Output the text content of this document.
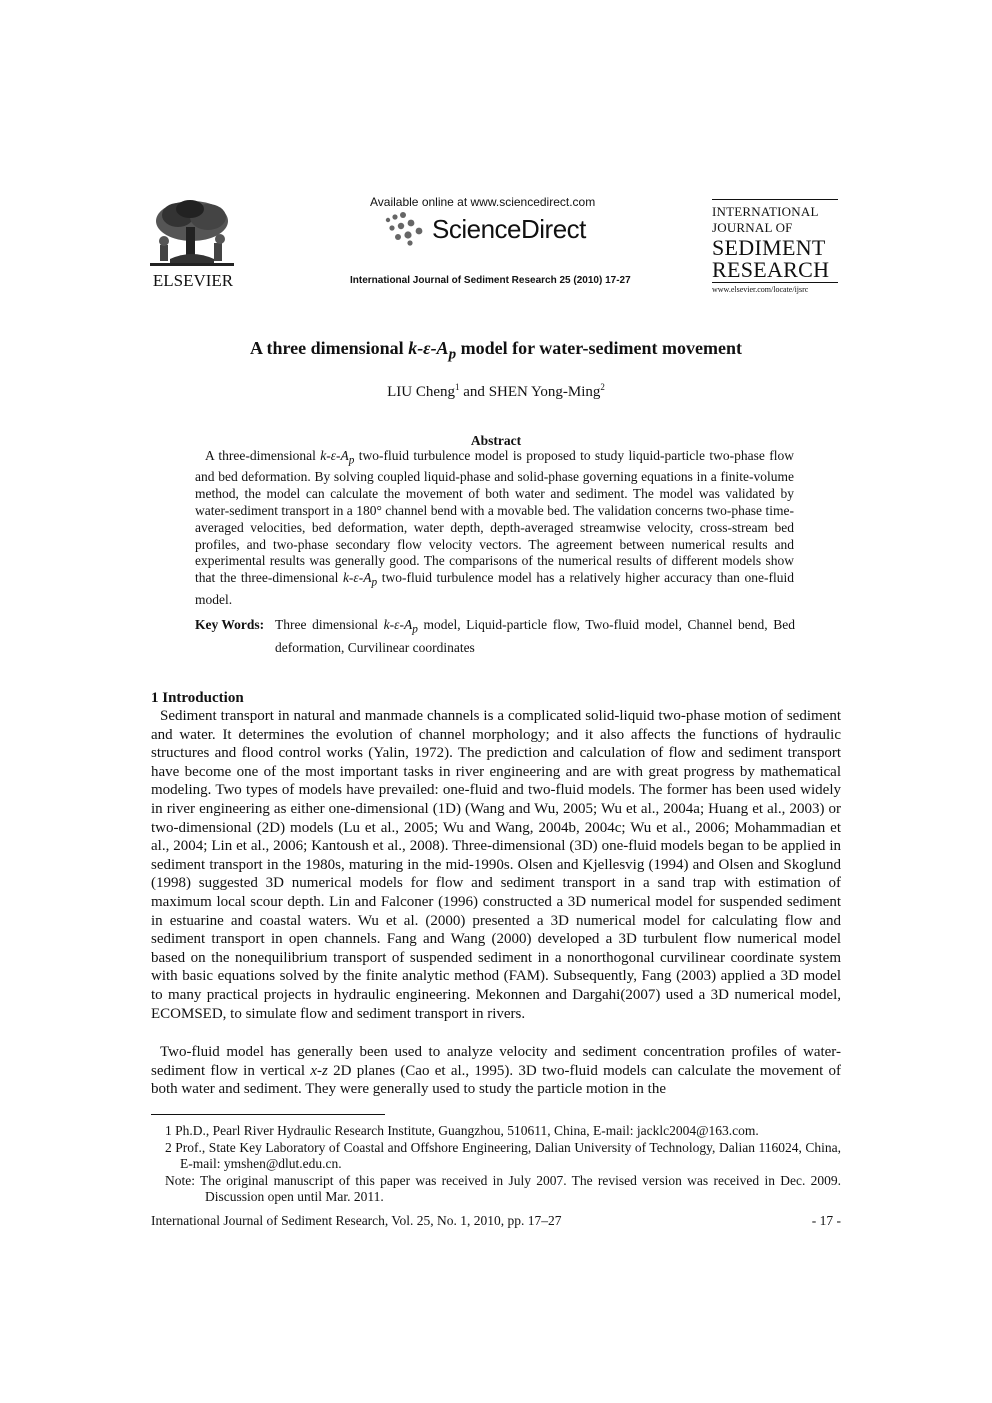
ELSEVIER
Available online at www.sciencedirect.com
ScienceDirect
International Journal of Sediment Research 25 (2010) 17-27
INTERNATIONAL
JOURNAL OF
SEDIMENT
RESEARCH
www.elsevier.com/locate/ijsrc
A three dimensional $k-\varepsilon-A_p$ model for water-sediment movement
LIU Cheng$^1$ and SHEN Yong-Ming$^2$
Abstract

A three-dimensional $k-\varepsilon-A_p$ two-fluid turbulence model is proposed to study liquid-particle two-phase flow and bed deformation. By solving coupled liquid-phase and solid-phase governing equations in a finite-volume method, the model can calculate the movement of both water and sediment. The model was validated by water-sediment transport in a 180° channel bend with a movable bed. The validation concerns two-phase time-averaged velocities, bed deformation, water depth, depth-averaged streamwise velocity, cross-stream bed profiles, and two-phase secondary flow velocity vectors. The agreement between numerical results and experimental results was generally good. The comparisons of the numerical results of different models show that the three-dimensional $k-\varepsilon-A_p$ two-fluid turbulence model has a relatively higher accuracy than one-fluid model.

Key Words: Three dimensional $k-\varepsilon-A_p$ model, Liquid-particle flow, Two-fluid model, Channel bend, Bed deformation, Curvilinear coordinates
1 Introduction

Sediment transport in natural and manmade channels is a complicated solid-liquid two-phase motion of sediment and water. It determines the evolution of channel morphology; and it also affects the functions of hydraulic structures and flood control works (Yalin, 1972). The prediction and calculation of flow and sediment transport have become one of the most important tasks in river engineering and are with great progress by mathematical modeling. Two types of models have prevailed: one-fluid and two-fluid models. The former has been used widely in river engineering as either one-dimensional (1D) (Wang and Wu, 2005; Wu et al., 2004a; Huang et al., 2003) or two-dimensional (2D) models (Lu et al., 2005; Wu and Wang, 2004b, 2004c; Wu et al., 2006; Mohammadian et al., 2004; Lin et al., 2006; Kantoush et al., 2008). Three-dimensional (3D) one-fluid models began to be applied in sediment transport in the 1980s, maturing in the mid-1990s. Olsen and Kjellesvig (1994) and Olsen and Skoglund (1998) suggested 3D numerical models for flow and sediment transport in a sand trap with estimation of maximum local scour depth. Lin and Falconer (1996) constructed a 3D numerical model for suspended sediment in estuarine and coastal waters. Wu et al. (2000) presented a 3D numerical model for calculating flow and sediment transport in open channels. Fang and Wang (2000) developed a 3D turbulent flow numerical model based on the nonequilibrium transport of suspended sediment in a nonorthogonal curvilinear coordinate system with basic equations solved by the finite analytic method (FAM). Subsequently, Fang (2003) applied a 3D model to many practical projects in hydraulic engineering. Mekonnen and Dargahi(2007) used a 3D numerical model, ECOMSED, to simulate flow and sediment transport in rivers.

Two-fluid model has generally been used to analyze velocity and sediment concentration profiles of water-sediment flow in vertical x-z 2D planes (Cao et al., 1995). 3D two-fluid models can calculate the movement of both water and sediment. They were generally used to study the particle motion in the

1 Ph.D., Pearl River Hydraulic Research Institute, Guangzhou, 510611, China, E-mail: jacklc2004@163.com.

2 Prof., State Key Laboratory of Coastal and Offshore Engineering, Dalian University of Technology, Dalian 116024, China, E-mail: ymshen@dlut.edu.cn.

Note: The original manuscript of this paper was received in July 2007. The revised version was received in Dec. 2009. Discussion open until Mar. 2011.

International Journal of Sediment Research, Vol. 25, No. 1, 2010, pp. 17–27	- 17 -
